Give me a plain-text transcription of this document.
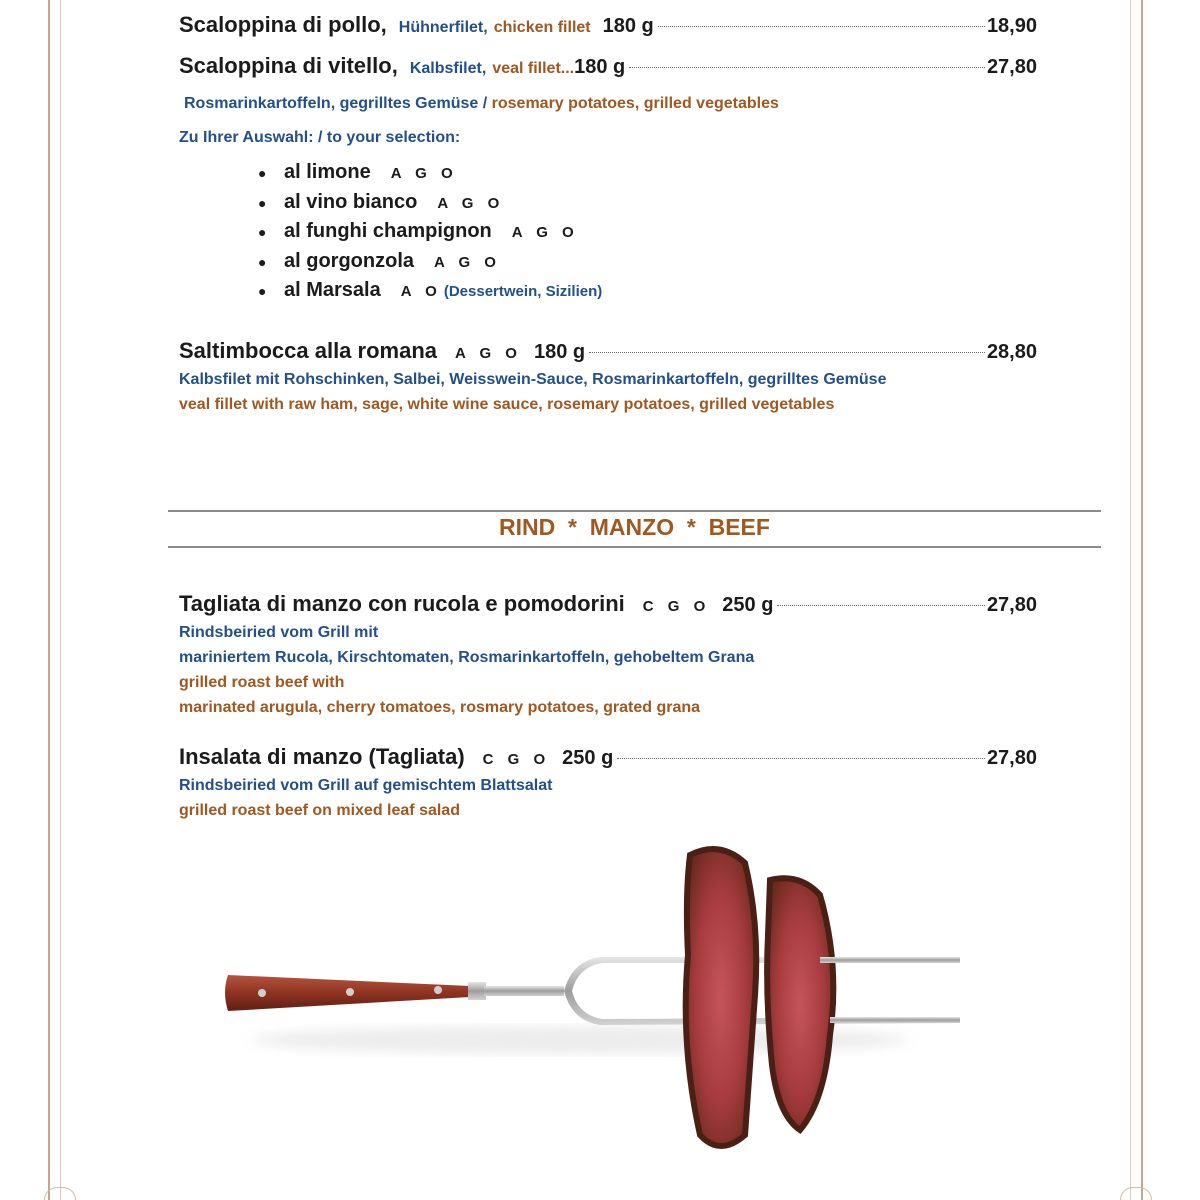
Scaloppina di pollo, Hühnerfilet, chicken fillet 180 g	18,90
Scaloppina di vitello, Kalbsfilet, veal fillet... 180 g	27,80
Rosmarinkartoffeln, gegrilltes Gemüse / rosemary potatoes, grilled vegetables
Zu Ihrer Auswahl: / to your selection:
● al limone A G O
● al vino bianco A G O
● al funghi champignon A G O
● al gorgonzola A G O
● al Marsala A O (Dessertwein, Sizilien)
Saltimbocca alla romana A G O 180 g	28,80
Kalbsfilet mit Rohschinken, Salbei, Weisswein-Sauce, Rosmarinkartoffeln, gegrilltes Gemüse
veal fillet with raw ham, sage, white wine sauce, rosemary potatoes, grilled vegetables
RIND  *  MANZO  *  BEEF
Tagliata di manzo con rucola e pomodorini C G O 250 g	27,80
Rindsbeiried vom Grill mit
mariniertem Rucola, Kirschtomaten, Rosmarinkartoffeln, gehobeltem Grana
grilled roast beef with
marinated arugula, cherry tomatoes, rosmary potatoes, grated grana
Insalata di manzo (Tagliata) C G O 250 g	27,80
Rindsbeiried vom Grill auf gemischtem Blattsalat
grilled roast beef on mixed leaf salad
